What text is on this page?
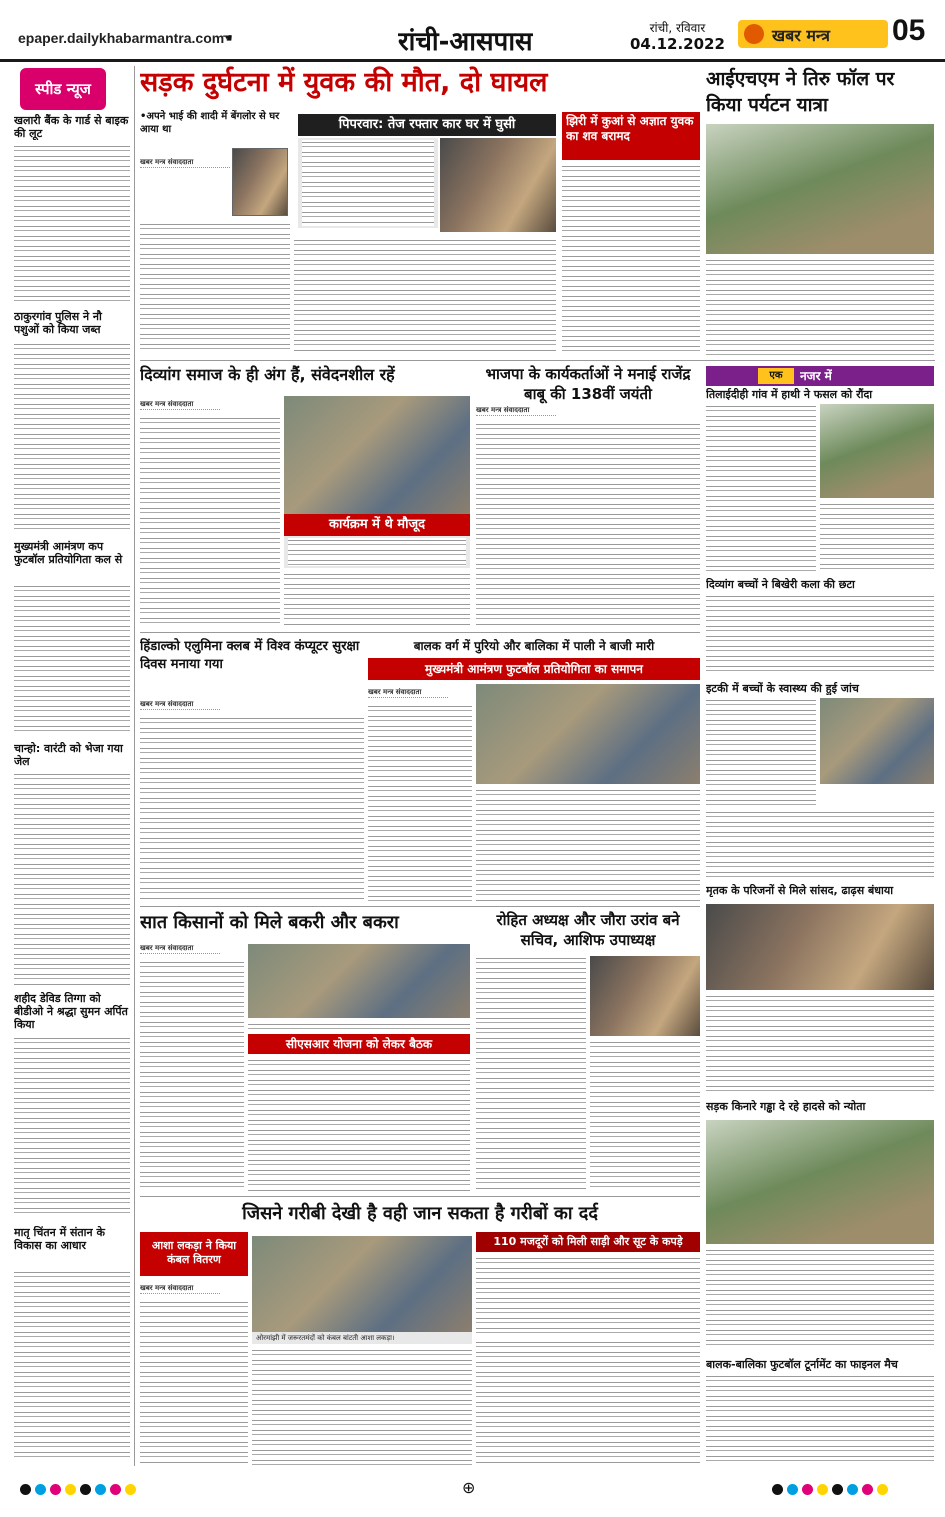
epaper.dailykhabarmantra.com
☚	रांची-आसपास	रांची, रविवार
04.12.2022	खबर मन्त्र	05
स्पीड न्यूज
खलारी बैंक के गार्ड से बाइक की लूट
ठाकुरगांव पुलिस ने नौ पशुओं को किया जब्त
मुख्यमंत्री आमंत्रण कप फुटबॉल प्रतियोगिता कल से
चान्हो: वारंटी को भेजा गया जेल
शहीद डेविड तिग्गा को बीडीओ ने श्रद्धा सुमन अर्पित किया
मातृ चिंतन में संतान के विकास का आधार
सड़क दुर्घटना में युवक की मौत, दो घायल
•अपने भाई की शादी में बेंगलोर से घर आया था
खबर मन्त्र संवाददाता
पिपरवार: तेज रफ्तार कार घर में घुसी	झिरी में कुआं से अज्ञात युवक का शव बरामद
आईएचएम ने तिरु फॉल पर किया पर्यटन यात्रा
दिव्यांग समाज के ही अंग हैं, संवेदनशील रहें
खबर मन्त्र संवाददाता
कार्यक्रम में थे मौजूद
भाजपा के कार्यकर्ताओं ने मनाई राजेंद्र बाबू की 138वीं जयंती
खबर मन्त्र संवाददाता
एक	नजर में
तिलाईदीही गांव में हाथी ने फसल को रौंदा
दिव्यांग बच्चों ने बिखेरी कला की छटा
इटकी में बच्चों के स्वास्थ्य की हुई जांच
मृतक के परिजनों से मिले सांसद, ढाढ़स बंधाया
सड़क किनारे गड्ढा दे रहे हादसे को न्योता
बालक-बालिका फुटबॉल टूर्नामेंट का फाइनल मैच
हिंडाल्को एलुमिना क्लब में विश्व कंप्यूटर सुरक्षा दिवस मनाया गया
खबर मन्त्र संवाददाता
बालक वर्ग में पुरियो और बालिका में पाली ने बाजी मारी
मुख्यमंत्री आमंत्रण फुटबॉल प्रतियोगिता का समापन
खबर मन्त्र संवाददाता
सात किसानों को मिले बकरी और बकरा
खबर मन्त्र संवाददाता
सीएसआर योजना को लेकर बैठक
रोहित अध्यक्ष और जौरा उरांव बने सचिव, आशिफ उपाध्यक्ष
जिसने गरीबी देखी है वही जान सकता है गरीबों का दर्द
आशा लकड़ा ने किया कंबल वितरण
110 मजदूरों को मिली साड़ी और सूट के कपड़े
खबर मन्त्र संवाददाता
ओरमांझी में जरूरतमंदों को कंबल बांटती आशा लकड़ा।
⊕
